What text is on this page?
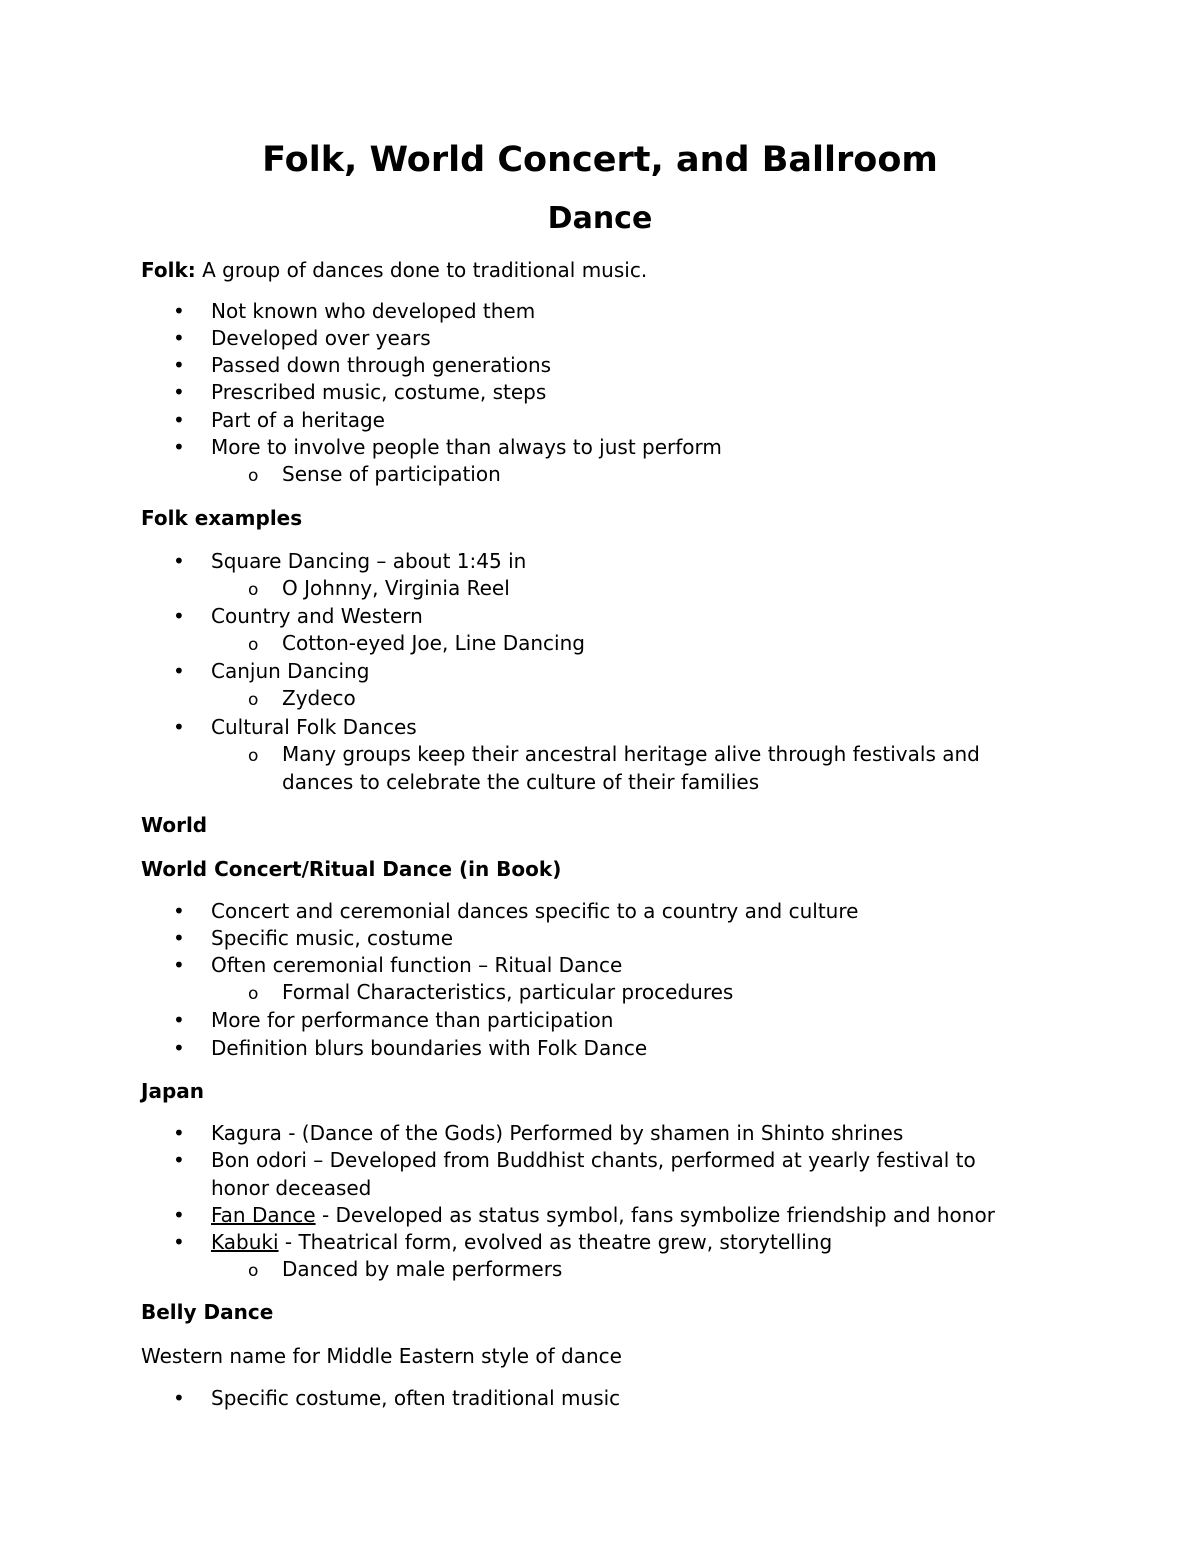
Folk, World Concert, and Ballroom
Dance

Folk: A group of dances done to traditional music.

• Not known who developed them

• Developed over years

• Passed down through generations

• Prescribed music, costume, steps

• Part of a heritage

• More to involve people than always to just perform

o Sense of participation

Folk examples

• Square Dancing – about 1:45 in

o O Johnny, Virginia Reel

• Country and Western

o Cotton-eyed Joe, Line Dancing

• Canjun Dancing

o Zydeco

• Cultural Folk Dances

o Many groups keep their ancestral heritage alive through festivals and

dances to celebrate the culture of their families

World

World Concert/Ritual Dance (in Book)

• Concert and ceremonial dances specific to a country and culture

• Specific music, costume

• Often ceremonial function – Ritual Dance

o Formal Characteristics, particular procedures

• More for performance than participation

• Definition blurs boundaries with Folk Dance

Japan

• Kagura - (Dance of the Gods) Performed by shamen in Shinto shrines

• Bon odori – Developed from Buddhist chants, performed at yearly festival to

honor deceased

• Fan Dance - Developed as status symbol, fans symbolize friendship and honor

• Kabuki - Theatrical form, evolved as theatre grew, storytelling

o Danced by male performers

Belly Dance

Western name for Middle Eastern style of dance

• Specific costume, often traditional music
